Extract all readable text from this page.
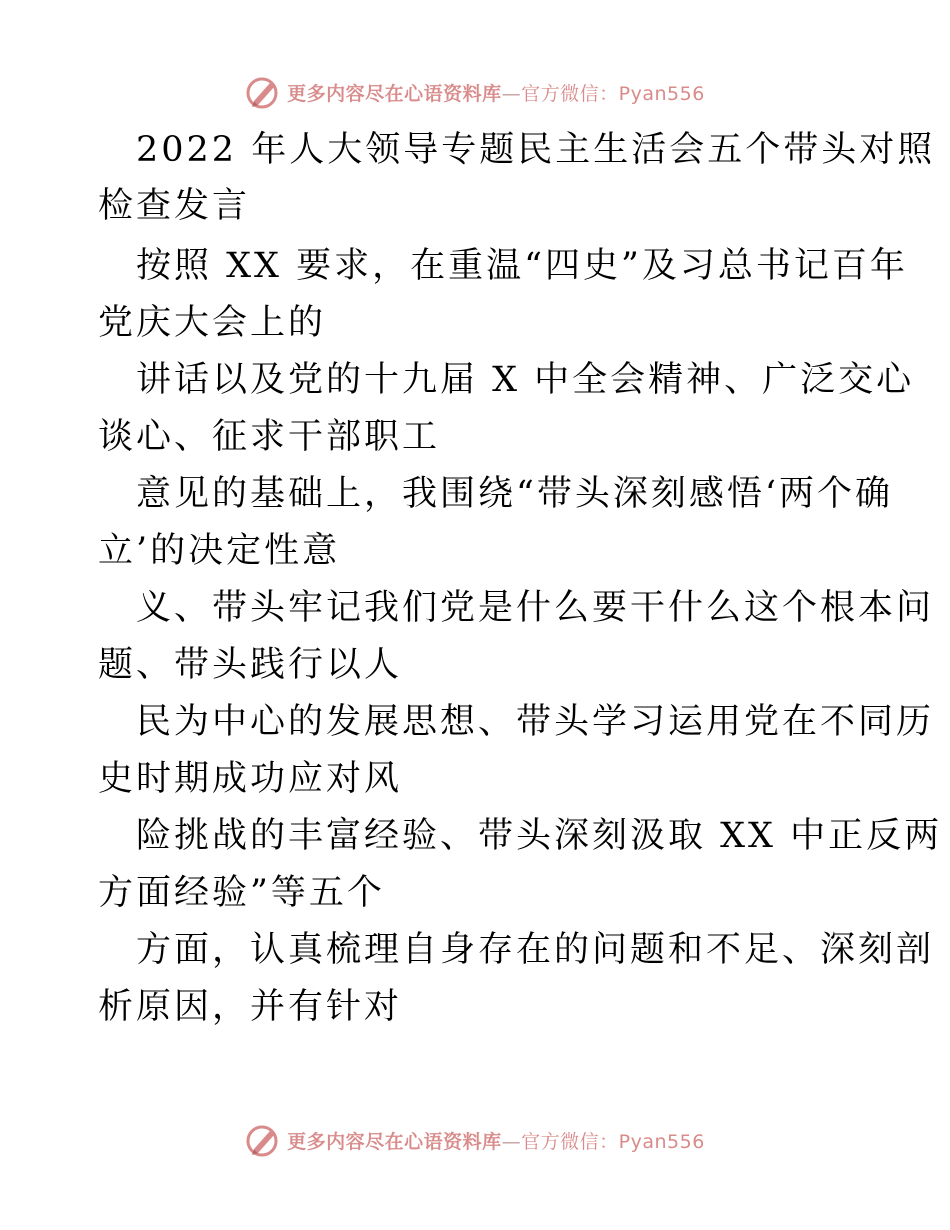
更多内容尽在心语资料库—官方微信：Pyan556
2022 年人大领导专题民主生活会五个带头对照
检查发言

按照 XX 要求，在重温“四史”及习总书记百年
党庆大会上的

讲话以及党的十九届 X 中全会精神、广泛交心
谈心、征求干部职工

意见的基础上，我围绕“带头深刻感悟‘两个确
立’的决定性意

义、带头牢记我们党是什么要干什么这个根本问
题、带头践行以人

民为中心的发展思想、带头学习运用党在不同历
史时期成功应对风

险挑战的丰富经验、带头深刻汲取 XX 中正反两
方面经验”等五个

方面，认真梳理自身存在的问题和不足、深刻剖
析原因，并有针对

更多内容尽在心语资料库—官方微信：Pyan556
